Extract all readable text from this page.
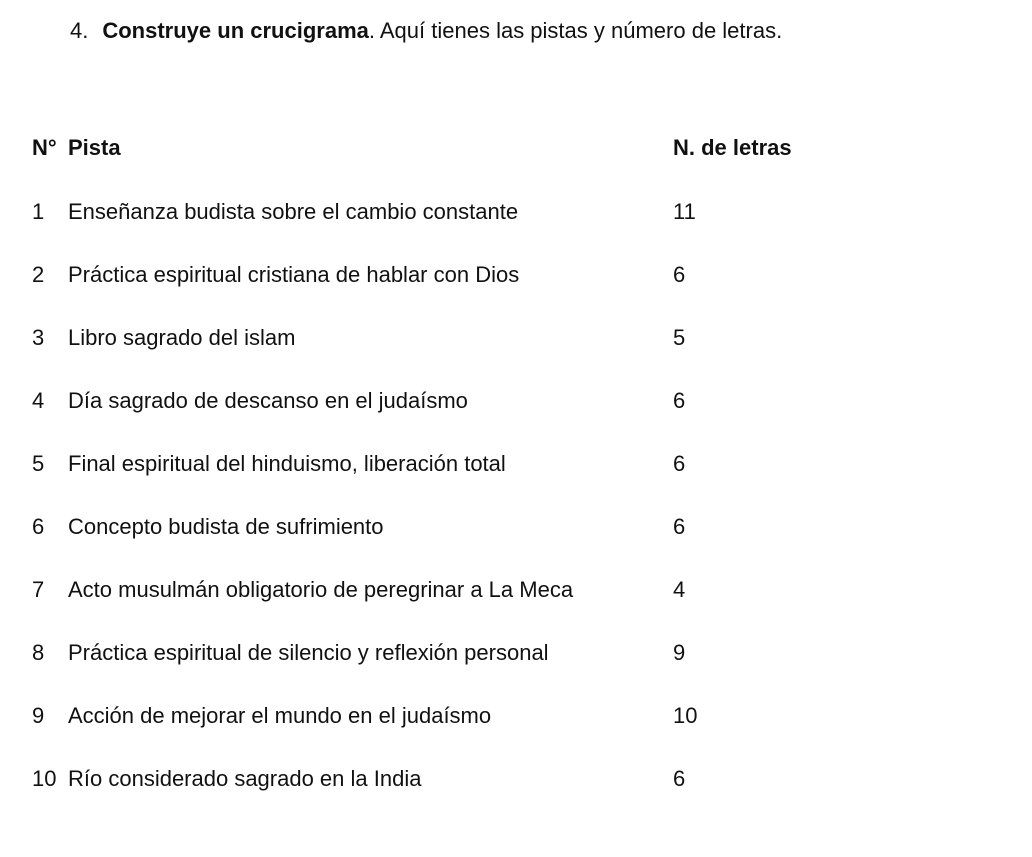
4. Construye un crucigrama. Aquí tienes las pistas y número de letras.
N° Pista	N. de letras
1 Enseñanza budista sobre el cambio constante	11
2 Práctica espiritual cristiana de hablar con Dios	6
3 Libro sagrado del islam	5
4 Día sagrado de descanso en el judaísmo	6
5 Final espiritual del hinduismo, liberación total	6
6 Concepto budista de sufrimiento	6
7 Acto musulmán obligatorio de peregrinar a La Meca	4
8 Práctica espiritual de silencio y reflexión personal	9
9 Acción de mejorar el mundo en el judaísmo	10
10 Río considerado sagrado en la India	6
